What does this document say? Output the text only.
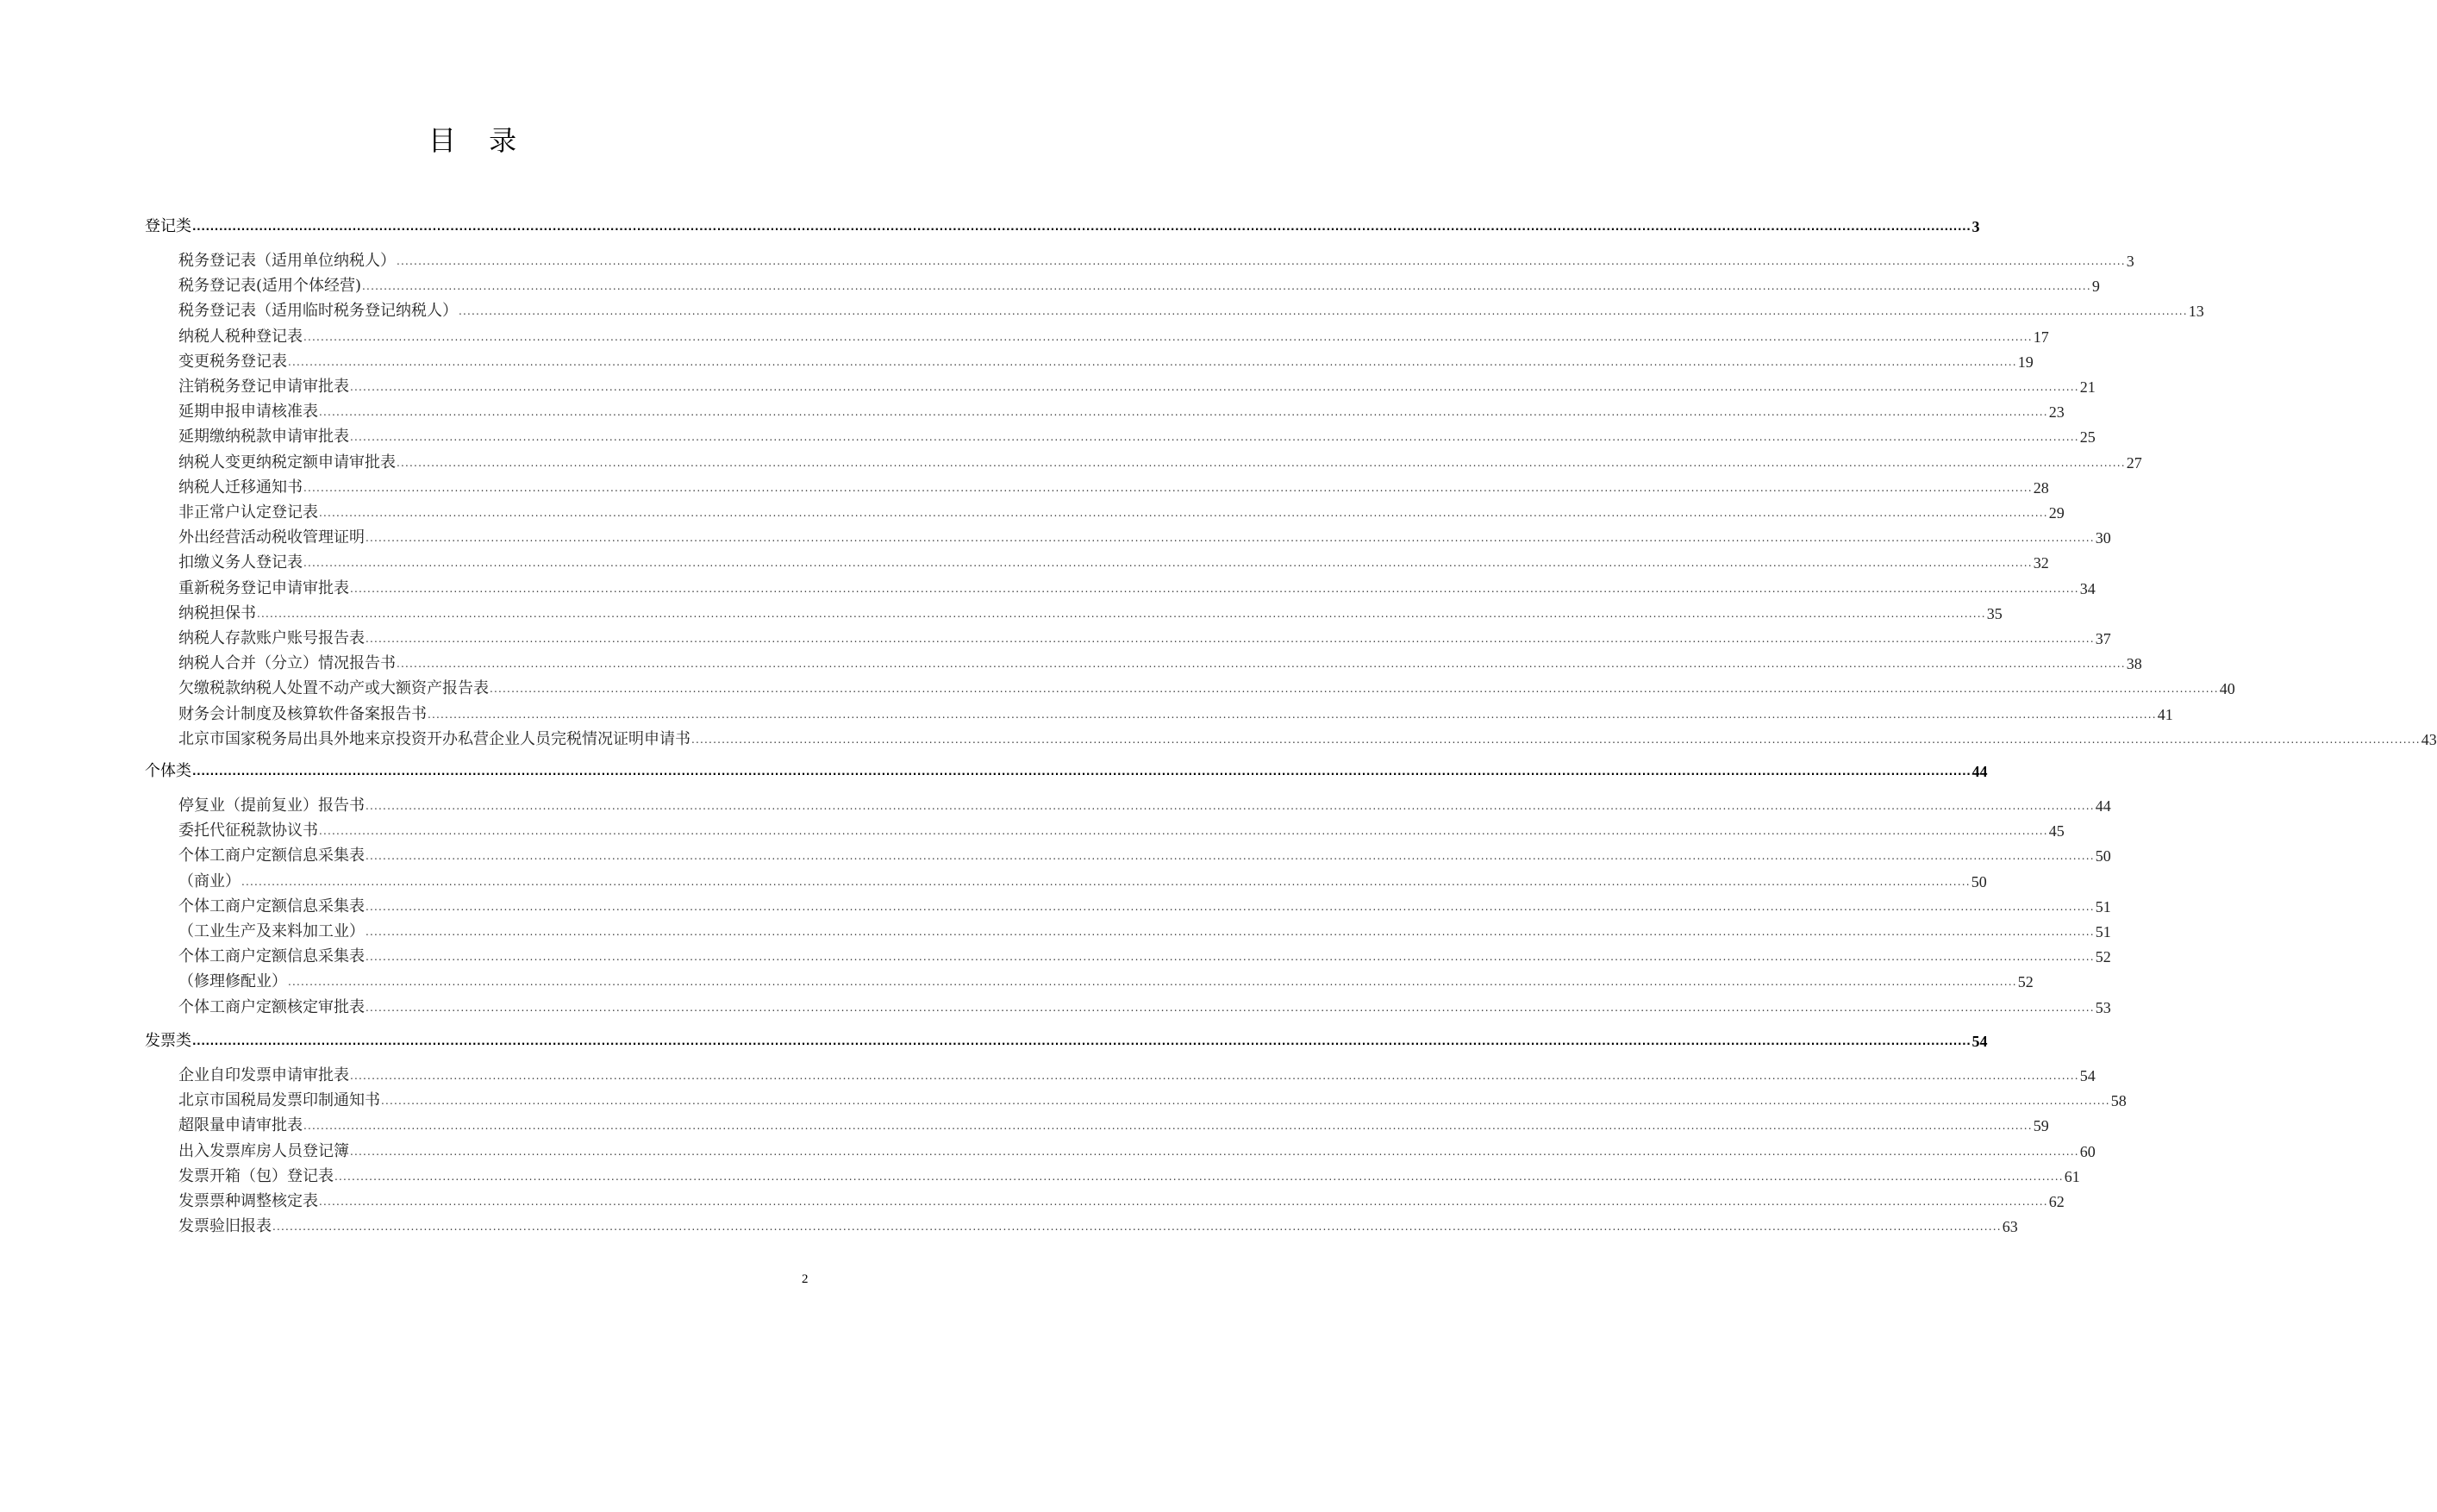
目 录
登记类 ................................................................................................................................................................................................................................................................................................................................................................................................................ 3
税务登记表（适用单位纳税人） ................................................................................................................................................................................................................................................................................................................................................................................................................ 3
税务登记表(适用个体经营) ................................................................................................................................................................................................................................................................................................................................................................................................................ 9
税务登记表（适用临时税务登记纳税人） ................................................................................................................................................................................................................................................................................................................................................................................................................ 13
纳税人税种登记表 ................................................................................................................................................................................................................................................................................................................................................................................................................ 17
变更税务登记表 ................................................................................................................................................................................................................................................................................................................................................................................................................ 19
注销税务登记申请审批表 ................................................................................................................................................................................................................................................................................................................................................................................................................ 21
延期申报申请核准表 ................................................................................................................................................................................................................................................................................................................................................................................................................ 23
延期缴纳税款申请审批表 ................................................................................................................................................................................................................................................................................................................................................................................................................ 25
纳税人变更纳税定额申请审批表 ................................................................................................................................................................................................................................................................................................................................................................................................................ 27
纳税人迁移通知书 ................................................................................................................................................................................................................................................................................................................................................................................................................ 28
非正常户认定登记表 ................................................................................................................................................................................................................................................................................................................................................................................................................ 29
外出经营活动税收管理证明 ................................................................................................................................................................................................................................................................................................................................................................................................................ 30
扣缴义务人登记表 ................................................................................................................................................................................................................................................................................................................................................................................................................ 32
重新税务登记申请审批表 ................................................................................................................................................................................................................................................................................................................................................................................................................ 34
纳税担保书 ................................................................................................................................................................................................................................................................................................................................................................................................................ 35
纳税人存款账户账号报告表 ................................................................................................................................................................................................................................................................................................................................................................................................................ 37
纳税人合并（分立）情况报告书 ................................................................................................................................................................................................................................................................................................................................................................................................................ 38
欠缴税款纳税人处置不动产或大额资产报告表 ................................................................................................................................................................................................................................................................................................................................................................................................................ 40
财务会计制度及核算软件备案报告书 ................................................................................................................................................................................................................................................................................................................................................................................................................ 41
北京市国家税务局出具外地来京投资开办私营企业人员完税情况证明申请书 ................................................................................................................................................................................................................................................................................................................................................................................................................ 43
个体类 ................................................................................................................................................................................................................................................................................................................................................................................................................ 44
停复业（提前复业）报告书 ................................................................................................................................................................................................................................................................................................................................................................................................................ 44
委托代征税款协议书 ................................................................................................................................................................................................................................................................................................................................................................................................................ 45
个体工商户定额信息采集表 ................................................................................................................................................................................................................................................................................................................................................................................................................ 50
（商业） ................................................................................................................................................................................................................................................................................................................................................................................................................ 50
个体工商户定额信息采集表 ................................................................................................................................................................................................................................................................................................................................................................................................................ 51
（工业生产及来料加工业） ................................................................................................................................................................................................................................................................................................................................................................................................................ 51
个体工商户定额信息采集表 ................................................................................................................................................................................................................................................................................................................................................................................................................ 52
（修理修配业） ................................................................................................................................................................................................................................................................................................................................................................................................................ 52
个体工商户定额核定审批表 ................................................................................................................................................................................................................................................................................................................................................................................................................ 53
发票类 ................................................................................................................................................................................................................................................................................................................................................................................................................ 54
企业自印发票申请审批表 ................................................................................................................................................................................................................................................................................................................................................................................................................ 54
北京市国税局发票印制通知书 ................................................................................................................................................................................................................................................................................................................................................................................................................ 58
超限量申请审批表 ................................................................................................................................................................................................................................................................................................................................................................................................................ 59
出入发票库房人员登记簿 ................................................................................................................................................................................................................................................................................................................................................................................................................ 60
发票开箱（包）登记表 ................................................................................................................................................................................................................................................................................................................................................................................................................ 61
发票票种调整核定表 ................................................................................................................................................................................................................................................................................................................................................................................................................ 62
发票验旧报表 ................................................................................................................................................................................................................................................................................................................................................................................................................ 63
2
